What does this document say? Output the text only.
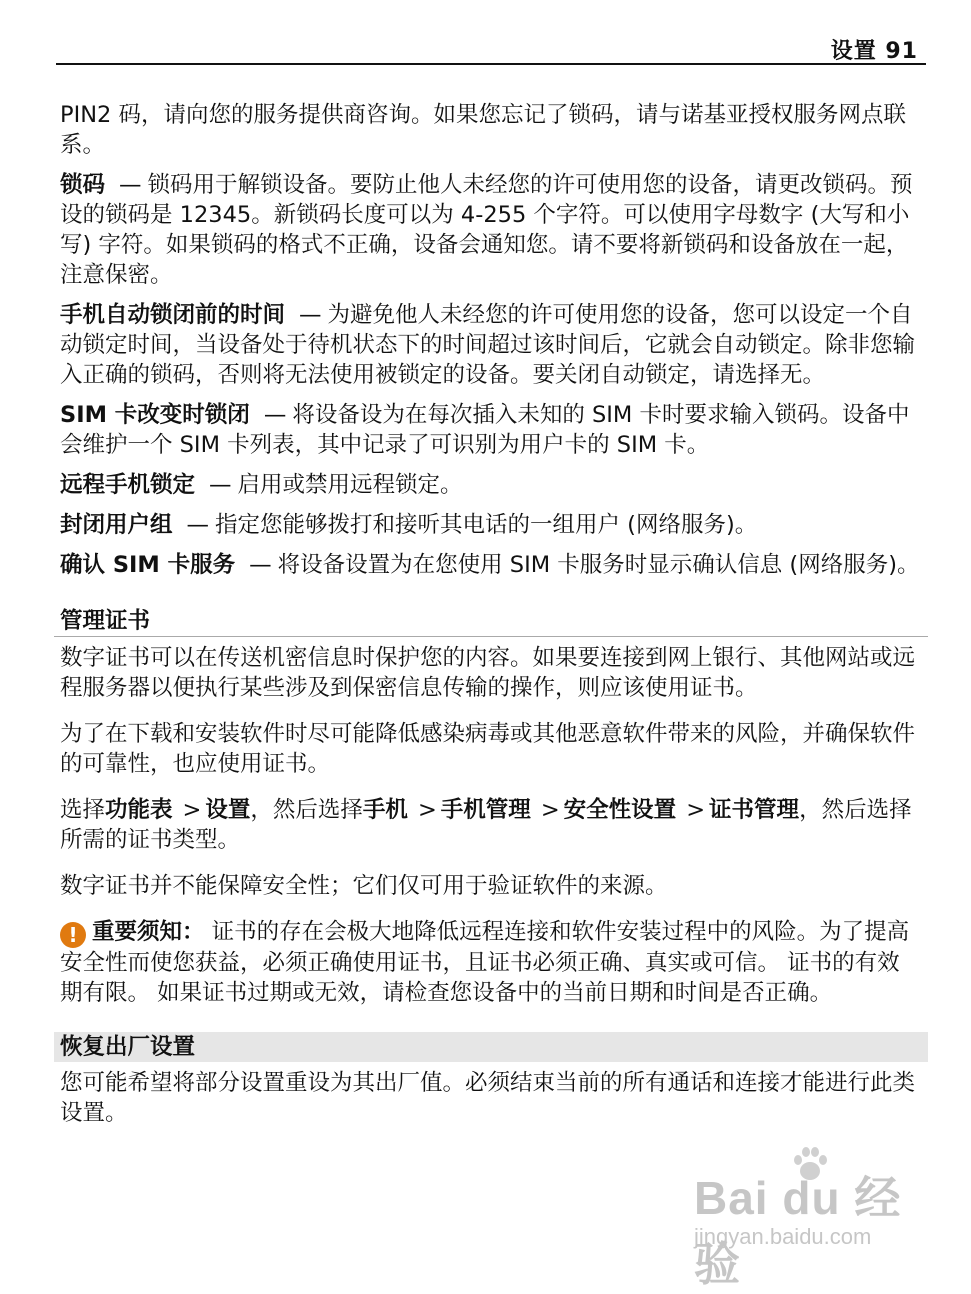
设置 91

PIN2 码，请向您的服务提供商咨询。如果您忘记了锁码，请与诺基亚授权服务网点联系。

锁码 — 锁码用于解锁设备。要防止他人未经您的许可使用您的设备，请更改锁码。预设的锁码是 12345。新锁码长度可以为 4-255 个字符。可以使用字母数字 (大写和小写) 字符。如果锁码的格式不正确，设备会通知您。请不要将新锁码和设备放在一起，注意保密。

手机自动锁闭前的时间 — 为避免他人未经您的许可使用您的设备，您可以设定一个自动锁定时间，当设备处于待机状态下的时间超过该时间后，它就会自动锁定。除非您输入正确的锁码，否则将无法使用被锁定的设备。要关闭自动锁定，请选择无。

SIM 卡改变时锁闭 — 将设备设为在每次插入未知的 SIM 卡时要求输入锁码。设备中会维护一个 SIM 卡列表，其中记录了可识别为用户卡的 SIM 卡。

远程手机锁定 — 启用或禁用远程锁定。

封闭用户组 — 指定您能够拨打和接听其电话的一组用户 (网络服务)。

确认 SIM 卡服务 — 将设备设置为在您使用 SIM 卡服务时显示确认信息 (网络服务)。

管理证书

数字证书可以在传送机密信息时保护您的内容。如果要连接到网上银行、其他网站或远程服务器以便执行某些涉及到保密信息传输的操作，则应该使用证书。

为了在下载和安装软件时尽可能降低感染病毒或其他恶意软件带来的风险，并确保软件的可靠性，也应使用证书。

选择功能表 > 设置，然后选择手机 > 手机管理 > 安全性设置 > 证书管理，然后选择所需的证书类型。

数字证书并不能保障安全性；它们仅可用于验证软件的来源。

! 重要须知： 证书的存在会极大地降低远程连接和软件安装过程中的风险。为了提高安全性而使您获益，必须正确使用证书，且证书必须正确、真实或可信。 证书的有效期有限。 如果证书过期或无效，请检查您设备中的当前日期和时间是否正确。

恢复出厂设置

您可能希望将部分设置重设为其出厂值。必须结束当前的所有通话和连接才能进行此类设置。

Bai du 经验
jingyan.baidu.com
